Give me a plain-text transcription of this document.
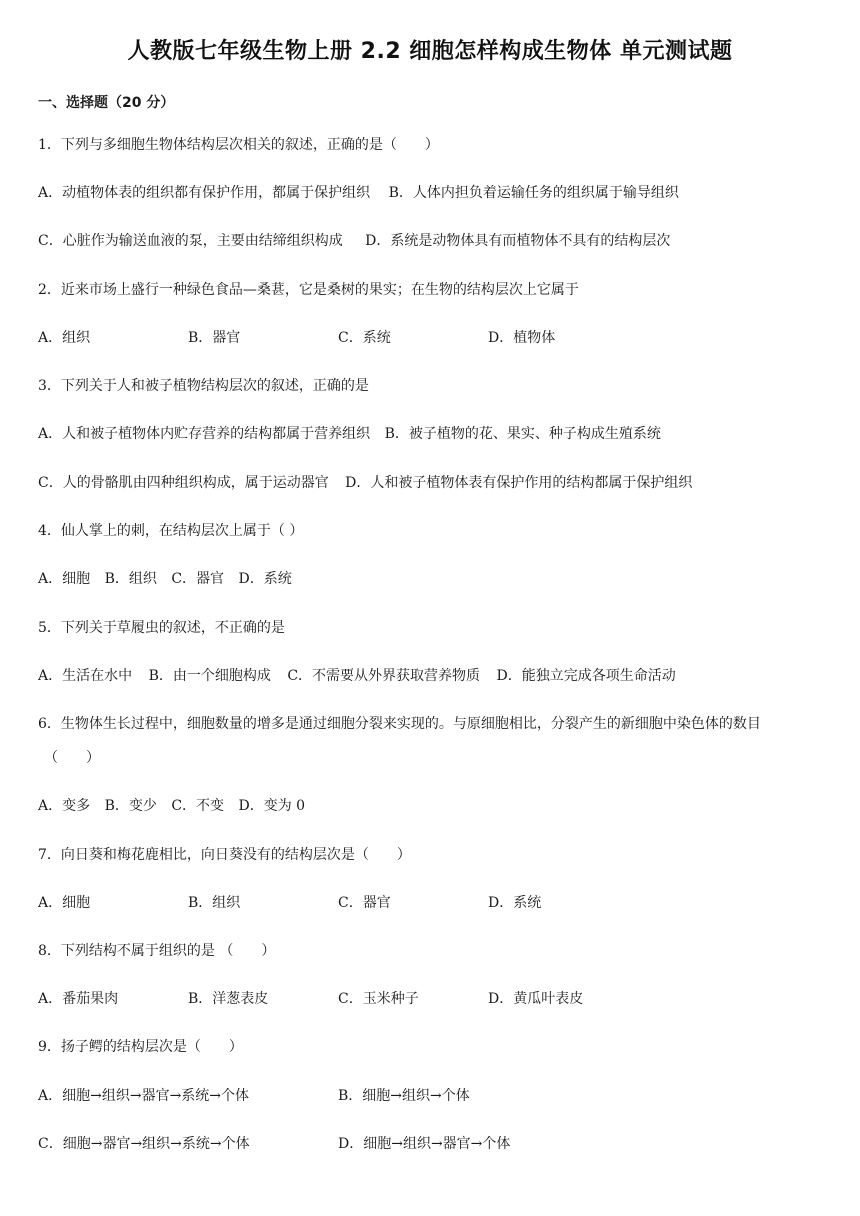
人教版七年级生物上册 2.2 细胞怎样构成生物体 单元测试题
一、选择题（20 分）
1．下列与多细胞生物体结构层次相关的叙述，正确的是（　　）
A．动植物体表的组织都有保护作用，都属于保护组织 B．人体内担负着运输任务的组织属于输导组织
C．心脏作为输送血液的泵，主要由结缔组织构成 D．系统是动物体具有而植物体不具有的结构层次
2．近来市场上盛行一种绿色食品—桑葚，它是桑树的果实；在生物的结构层次上它属于
A．组织	B．器官	C．系统	D．植物体
3．下列关于人和被子植物结构层次的叙述，正确的是
A．人和被子植物体内贮存营养的结构都属于营养组织 B．被子植物的花、果实、种子构成生殖系统
C．人的骨骼肌由四种组织构成，属于运动器官 D．人和被子植物体表有保护作用的结构都属于保护组织
4．仙人掌上的刺，在结构层次上属于（ ）
A．细胞 B．组织 C．器官 D．系统
5．下列关于草履虫的叙述，不正确的是
A．生活在水中 B．由一个细胞构成 C．不需要从外界获取营养物质 D．能独立完成各项生命活动
6．生物体生长过程中，细胞数量的增多是通过细胞分裂来实现的。与原细胞相比，分裂产生的新细胞中染色体的数目
（　　）
A．变多 B．变少 C．不变 D．变为 0
7．向日葵和梅花鹿相比，向日葵没有的结构层次是（　　）
A．细胞	B．组织	C．器官	D．系统
8．下列结构不属于组织的是 （　　）
A．番茄果肉	B．洋葱表皮	C．玉米种子	D．黄瓜叶表皮
9．扬子鳄的结构层次是（　　）
A．细胞→组织→器官→系统→个体	B．细胞→组织→个体
C．细胞→器官→组织→系统→个体	D．细胞→组织→器官→个体
